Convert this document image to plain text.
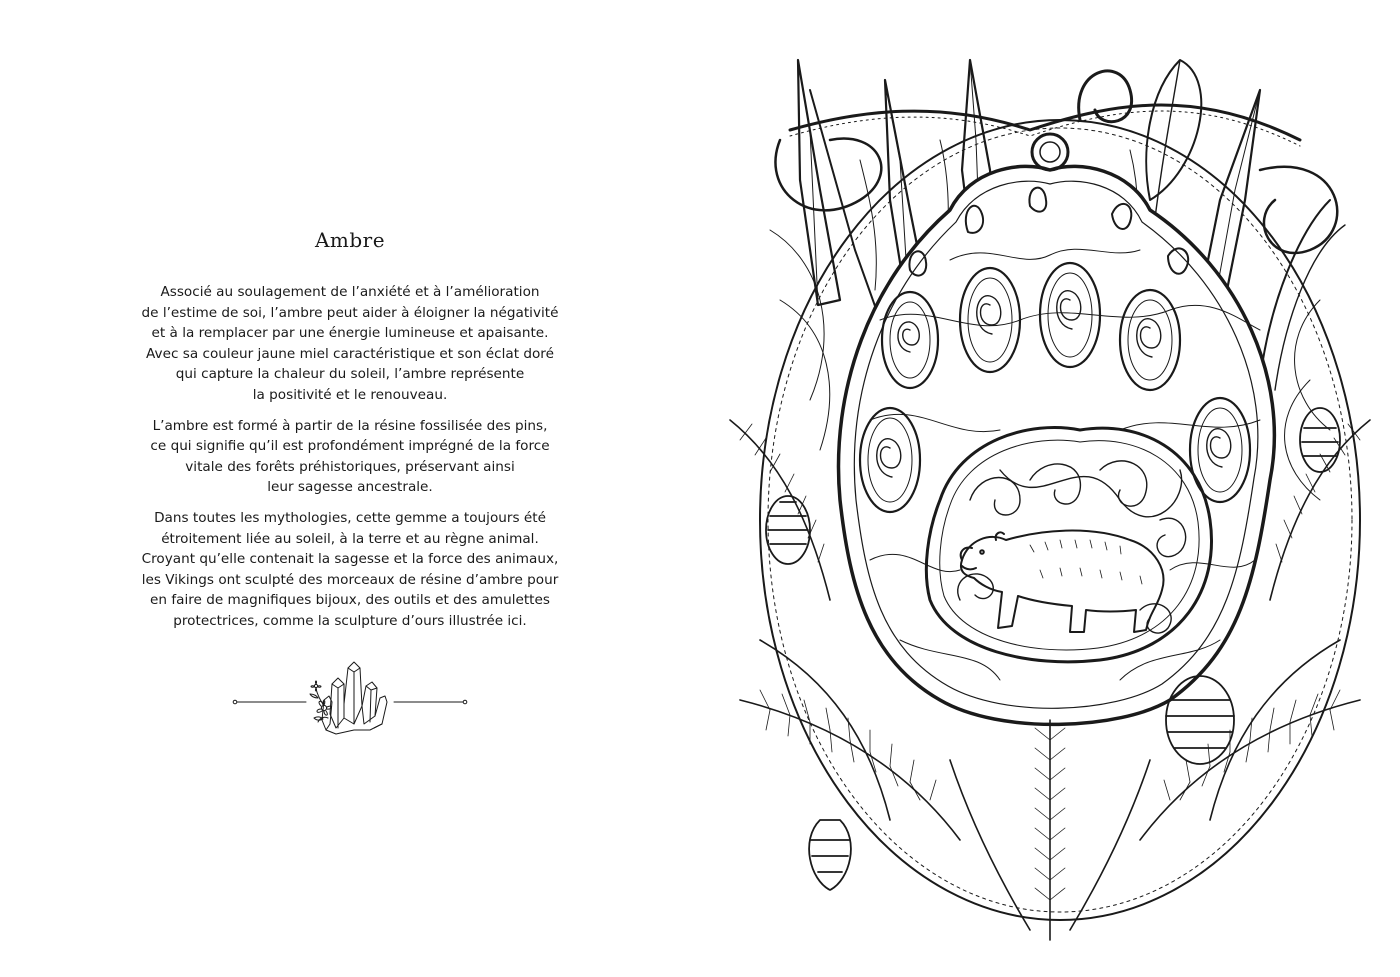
Ambre

Associé au soulagement de l’anxiété et à l’amélioration
de l’estime de soi, l’ambre peut aider à éloigner la négativité
et à la remplacer par une énergie lumineuse et apaisante.
Avec sa couleur jaune miel caractéristique et son éclat doré
qui capture la chaleur du soleil, l’ambre représente
la positivité et le renouveau.

L’ambre est formé à partir de la résine fossilisée des pins,
ce qui signifie qu’il est profondément imprégné de la force
vitale des forêts préhistoriques, préservant ainsi
leur sagesse ancestrale.

Dans toutes les mythologies, cette gemme a toujours été
étroitement liée au soleil, à la terre et au règne animal.
Croyant qu’elle contenait la sagesse et la force des animaux,
les Vikings ont sculpté des morceaux de résine d’ambre pour
en faire de magnifiques bijoux, des outils et des amulettes
protectrices, comme la sculpture d’ours illustrée ici.
